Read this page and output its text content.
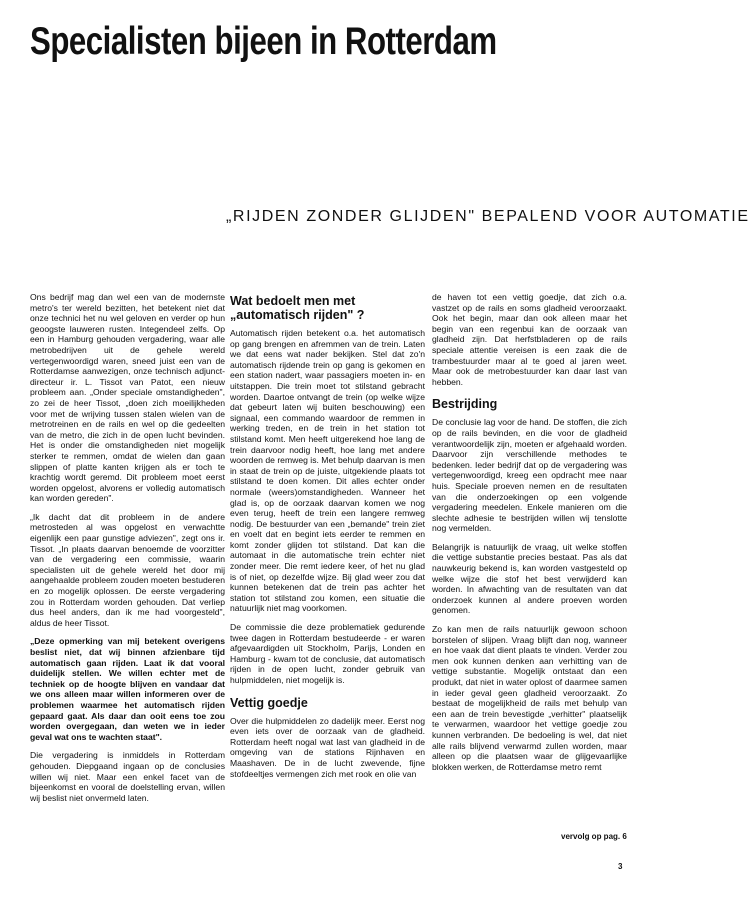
Specialisten bijeen in Rotterdam
„RIJDEN ZONDER GLIJDEN" BEPALEND VOOR AUTOMATIE

Ons bedrijf mag dan wel een van de modernste metro's ter wereld bezitten, het betekent niet dat onze technici het nu wel geloven en verder op hun geoogste lauweren rusten. Integendeel zelfs. Op een in Hamburg gehouden vergadering, waar alle metrobedrijven uit de gehele wereld vertegenwoordigd waren, sneed juist een van de Rotterdamse aanwezigen, onze technisch adjunct-directeur ir. L. Tissot van Patot, een nieuw probleem aan. „Onder speciale omstandigheden", zo zei de heer Tissot, „doen zich moeilijkheden voor met de wrijving tussen stalen wielen van de metrotreinen en de rails en wel op die gedeelten van de metro, die zich in de open lucht bevinden. Het is onder die omstandigheden niet mogelijk sterker te remmen, omdat de wielen dan gaan slippen of platte kanten krijgen als er toch te krachtig wordt geremd. Dit probleem moet eerst worden opgelost, alvorens er volledig automatisch kan worden gereden".

„Ik dacht dat dit probleem in de andere metrosteden al was opgelost en verwachtte eigenlijk een paar gunstige adviezen", zegt ons ir. Tissot. „In plaats daarvan benoemde de voorzitter van de vergadering een commissie, waarin specialisten uit de gehele wereld het door mij aangehaalde probleem zouden moeten bestuderen en zo mogelijk oplossen. De eerste vergadering zou in Rotterdam worden gehouden. Dat verliep dus heel anders, dan ik me had voorgesteld", aldus de heer Tissot.

„Deze opmerking van mij betekent overigens beslist niet, dat wij binnen afzienbare tijd automatisch gaan rijden. Laat ik dat vooral duidelijk stellen. We willen echter met de techniek op de hoogte blijven en vandaar dat we ons alleen maar willen informeren over de problemen waarmee het automatisch rijden gepaard gaat. Als daar dan ooit eens toe zou worden overgegaan, dan weten we in ieder geval wat ons te wachten staat".

Die vergadering is inmiddels in Rotterdam gehouden. Diepgaand ingaan op de conclusies willen wij niet. Maar een enkel facet van de bijeenkomst en vooral de doelstelling ervan, willen wij beslist niet onvermeld laten.

Wat bedoelt men met „automatisch rijden" ?

Automatisch rijden betekent o.a. het automatisch op gang brengen en afremmen van de trein. Laten we dat eens wat nader bekijken. Stel dat zo'n automatisch rijdende trein op gang is gekomen en een station nadert, waar passagiers moeten in- en uitstappen. Die trein moet tot stilstand gebracht worden. Daartoe ontvangt de trein (op welke wijze dat gebeurt laten wij buiten beschouwing) een signaal, een commando waardoor de remmen in werking treden, en de trein in het station tot stilstand komt. Men heeft uitgerekend hoe lang de trein daarvoor nodig heeft, hoe lang met andere woorden de remweg is. Met behulp daarvan is men in staat de trein op de juiste, uitgekiende plaats tot stilstand te doen komen. Dit alles echter onder normale (weers)omstandigheden. Wanneer het glad is, op de oorzaak daarvan komen we nog even terug, heeft de trein een langere remweg nodig. De bestuurder van een „bemande" trein ziet en voelt dat en begint iets eerder te remmen en komt zonder glijden tot stilstand. Dat kan die automaat in die automatische trein echter niet zonder meer. Die remt iedere keer, of het nu glad is of niet, op dezelfde wijze. Bij glad weer zou dat kunnen betekenen dat de trein pas achter het station tot stilstand zou komen, een situatie die natuurlijk niet mag voorkomen.

De commissie die deze problematiek gedurende twee dagen in Rotterdam bestudeerde - er waren afgevaardigden uit Stockholm, Parijs, Londen en Hamburg - kwam tot de conclusie, dat automatisch rijden in de open lucht, zonder gebruik van hulpmiddelen, niet mogelijk is.

Vettig goedje

Over die hulpmiddelen zo dadelijk meer. Eerst nog even iets over de oorzaak van de gladheid. Rotterdam heeft nogal wat last van gladheid in de omgeving van de stations Rijnhaven en Maashaven. De in de lucht zwevende, fijne stofdeeltjes vermengen zich met rook en olie van

de haven tot een vettig goedje, dat zich o.a. vastzet op de rails en soms gladheid veroorzaakt. Ook het begin, maar dan ook alleen maar het begin van een regenbui kan de oorzaak van gladheid zijn. Dat herfstbladeren op de rails speciale attentie vereisen is een zaak die de trambestuurder maar al te goed al jaren weet. Maar ook de metrobestuurder kan daar last van hebben.

Bestrijding

De conclusie lag voor de hand. De stoffen, die zich op de rails bevinden, en die voor de gladheid verantwoordelijk zijn, moeten er afgehaald worden. Daarvoor zijn verschillende methodes te bedenken. Ieder bedrijf dat op de vergadering was vertegenwoordigd, kreeg een opdracht mee naar huis. Speciale proeven nemen en de resultaten van die onderzoekingen op een volgende vergadering meedelen. Enkele manieren om die slechte adhesie te bestrijden willen wij tenslotte nog vermelden.

Belangrijk is natuurlijk de vraag, uit welke stoffen die vettige substantie precies bestaat. Pas als dat nauwkeurig bekend is, kan worden vastgesteld op welke wijze die stof het best verwijderd kan worden. In afwachting van de resultaten van dat onderzoek kunnen al andere proeven worden genomen.

Zo kan men de rails natuurlijk gewoon schoon borstelen of slijpen. Vraag blijft dan nog, wanneer en hoe vaak dat dient plaats te vinden. Verder zou men ook kunnen denken aan verhitting van de vettige substantie. Mogelijk ontstaat dan een produkt, dat niet in water oplost of daarmee samen in ieder geval geen gladheid veroorzaakt. Zo bestaat de mogelijkheid de rails met behulp van een aan de trein bevestigde „verhitter" plaatselijk te verwarmen, waardoor het vettige goedje zou kunnen verbranden. De bedoeling is wel, dat niet alle rails blijvend verwarmd zullen worden, maar alleen op die plaatsen waar de glijgevaarlijke blokken werken, de Rotterdamse metro remt

vervolg op pag. 6
3
